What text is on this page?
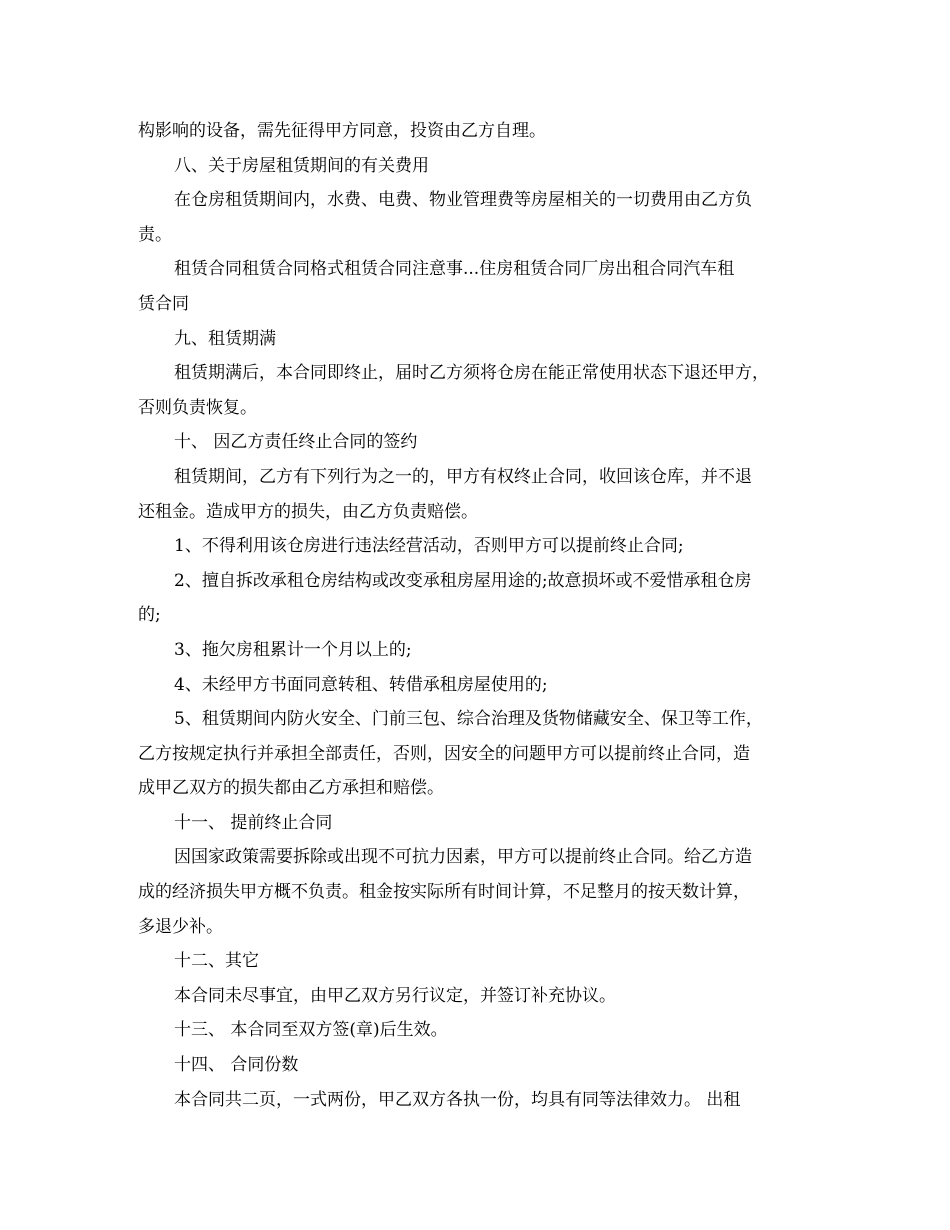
构影响的设备，需先征得甲方同意，投资由乙方自理。
八、关于房屋租赁期间的有关费用
在仓房租赁期间内，水费、电费、物业管理费等房屋相关的一切费用由乙方负
责。
租赁合同租赁合同格式租赁合同注意事...住房租赁合同厂房出租合同汽车租
赁合同
九、租赁期满
租赁期满后，本合同即终止，届时乙方须将仓房在能正常使用状态下退还甲方，
否则负责恢复。
十、 因乙方责任终止合同的签约
租赁期间，乙方有下列行为之一的，甲方有权终止合同，收回该仓库，并不退
还租金。造成甲方的损失，由乙方负责赔偿。
1、不得利用该仓房进行违法经营活动，否则甲方可以提前终止合同;
2、擅自拆改承租仓房结构或改变承租房屋用途的;故意损坏或不爱惜承租仓房
的;
3、拖欠房租累计一个月以上的;
4、未经甲方书面同意转租、转借承租房屋使用的;
5、租赁期间内防火安全、门前三包、综合治理及货物储藏安全、保卫等工作，
乙方按规定执行并承担全部责任，否则，因安全的问题甲方可以提前终止合同，造
成甲乙双方的损失都由乙方承担和赔偿。
十一、 提前终止合同
因国家政策需要拆除或出现不可抗力因素，甲方可以提前终止合同。给乙方造
成的经济损失甲方概不负责。租金按实际所有时间计算，不足整月的按天数计算，
多退少补。
十二、其它
本合同未尽事宜，由甲乙双方另行议定，并签订补充协议。
十三、 本合同至双方签(章)后生效。
十四、 合同份数
本合同共二页，一式两份，甲乙双方各执一份，均具有同等法律效力。 出租
